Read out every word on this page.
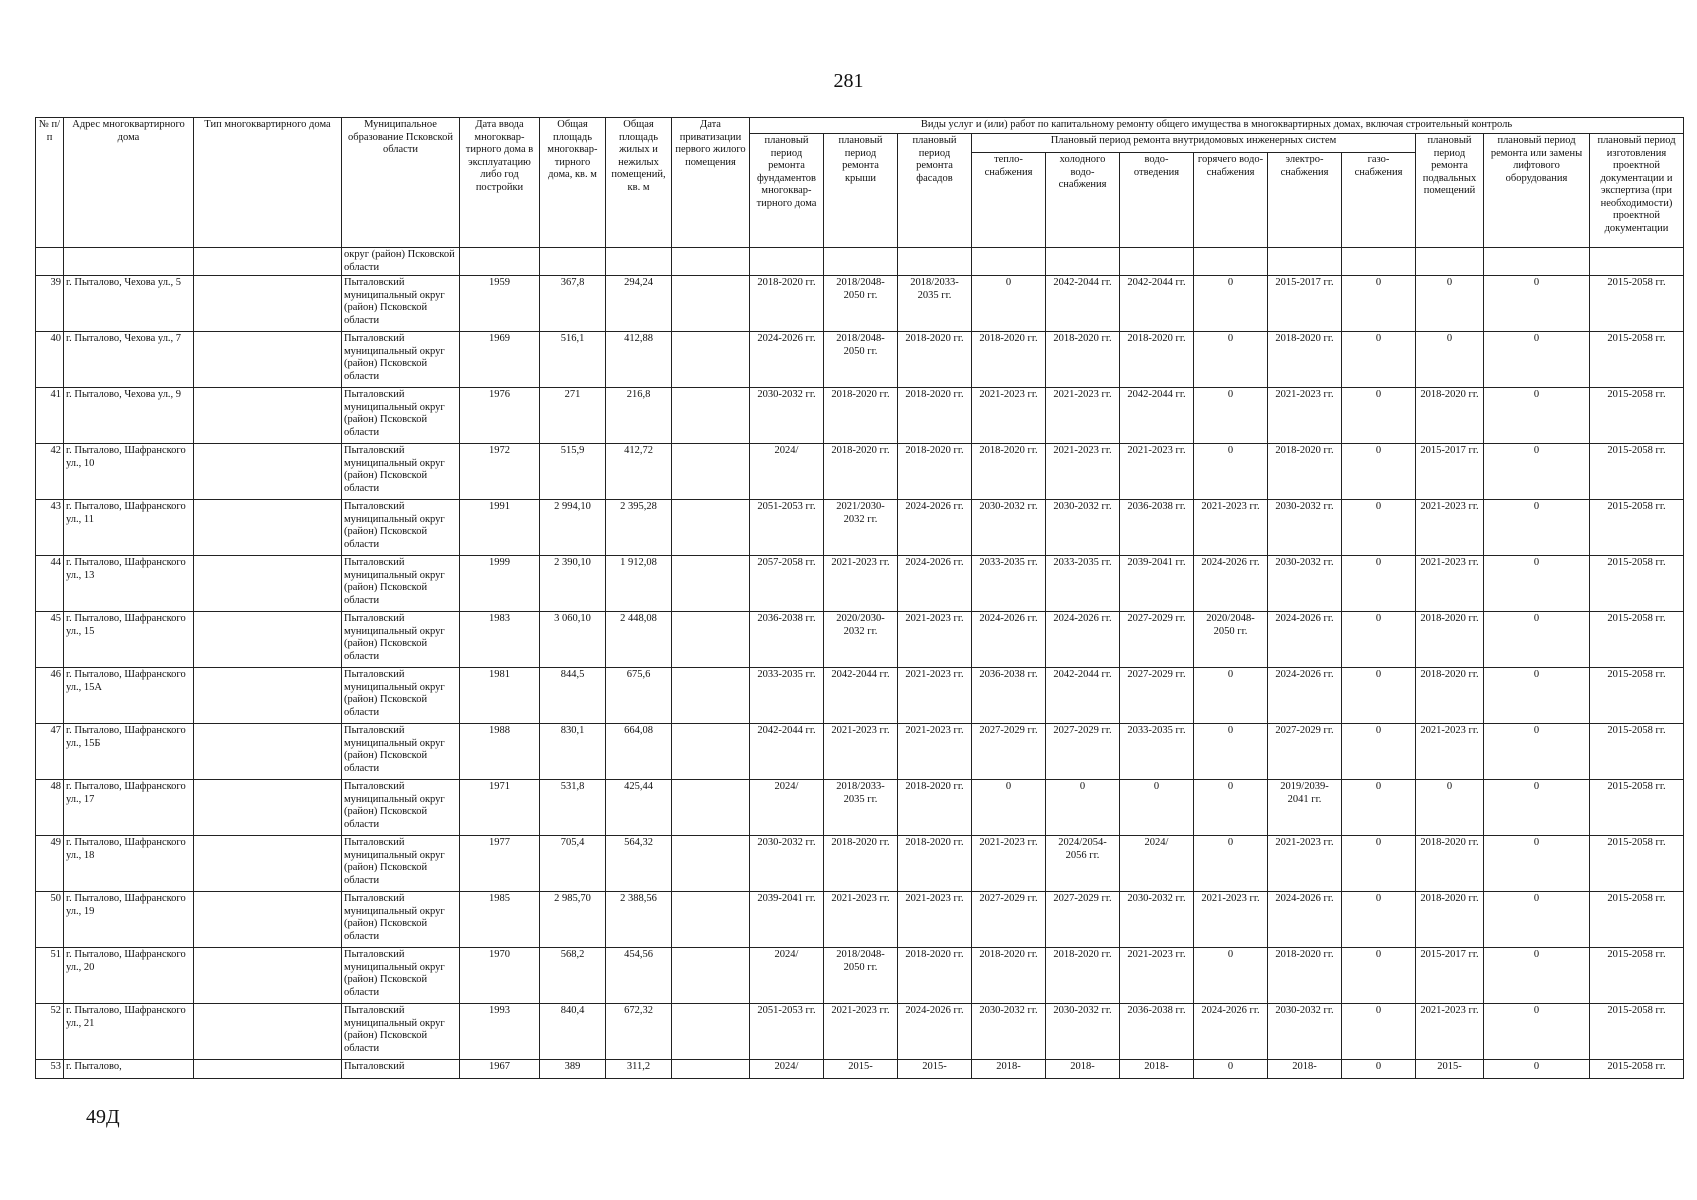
281
№ п/п	Адрес многоквартирного дома	Тип многоквартирного дома	Муниципальное образование Псковской области	Дата ввода многоквар-тирного дома в эксплуатацию либо год постройки	Общая площадь многоквар-тирного дома, кв. м	Общая площадь жилых и нежилых помещений, кв. м	Дата приватизации первого жилого помещения	Виды услуг и (или) работ по капитальному ремонту общего имущества в многоквартирных домах, включая строительный контроль											
								плановый период ремонта фундаментов многоквар-тирного дома	плановый период ремонта крыши	плановый период ремонта фасадов	Плановый период ремонта внутридомовых инженерных систем						плановый период ремонта подвальных помещений	плановый период ремонта или замены лифтового оборудования	плановый период изготовления проектной документации и экспертиза (при необходимости) проектной документации
											тепло-снабжения	холодного водо-снабжения	водо-отведения	горячего водо-снабжения	электро-снабжения	газо-снабжения			
			округ (район) Псковской области																
39	г. Пыталово, Чехова ул., 5		Пыталовский муниципальный округ (район) Псковской области	1959	367,8	294,24		2018-2020 гг.	2018/2048-2050 гг.	2018/2033-2035 гг.	0	2042-2044 гг.	2042-2044 гг.	0	2015-2017 гг.	0	0	0	2015-2058 гг.
40	г. Пыталово, Чехова ул., 7		Пыталовский муниципальный округ (район) Псковской области	1969	516,1	412,88		2024-2026 гг.	2018/2048-2050 гг.	2018-2020 гг.	2018-2020 гг.	2018-2020 гг.	2018-2020 гг.	0	2018-2020 гг.	0	0	0	2015-2058 гг.
41	г. Пыталово, Чехова ул., 9		Пыталовский муниципальный округ (район) Псковской области	1976	271	216,8		2030-2032 гг.	2018-2020 гг.	2018-2020 гг.	2021-2023 гг.	2021-2023 гг.	2042-2044 гг.	0	2021-2023 гг.	0	2018-2020 гг.	0	2015-2058 гг.
42	г. Пыталово, Шафранского ул., 10		Пыталовский муниципальный округ (район) Псковской области	1972	515,9	412,72		2024/	2018-2020 гг.	2018-2020 гг.	2018-2020 гг.	2021-2023 гг.	2021-2023 гг.	0	2018-2020 гг.	0	2015-2017 гг.	0	2015-2058 гг.
43	г. Пыталово, Шафранского ул., 11		Пыталовский муниципальный округ (район) Псковской области	1991	2 994,10	2 395,28		2051-2053 гг.	2021/2030-2032 гг.	2024-2026 гг.	2030-2032 гг.	2030-2032 гг.	2036-2038 гг.	2021-2023 гг.	2030-2032 гг.	0	2021-2023 гг.	0	2015-2058 гг.
44	г. Пыталово, Шафранского ул., 13		Пыталовский муниципальный округ (район) Псковской области	1999	2 390,10	1 912,08		2057-2058 гг.	2021-2023 гг.	2024-2026 гг.	2033-2035 гг.	2033-2035 гг.	2039-2041 гг.	2024-2026 гг.	2030-2032 гг.	0	2021-2023 гг.	0	2015-2058 гг.
45	г. Пыталово, Шафранского ул., 15		Пыталовский муниципальный округ (район) Псковской области	1983	3 060,10	2 448,08		2036-2038 гг.	2020/2030-2032 гг.	2021-2023 гг.	2024-2026 гг.	2024-2026 гг.	2027-2029 гг.	2020/2048-2050 гг.	2024-2026 гг.	0	2018-2020 гг.	0	2015-2058 гг.
46	г. Пыталово, Шафранского ул., 15А		Пыталовский муниципальный округ (район) Псковской области	1981	844,5	675,6		2033-2035 гг.	2042-2044 гг.	2021-2023 гг.	2036-2038 гг.	2042-2044 гг.	2027-2029 гг.	0	2024-2026 гг.	0	2018-2020 гг.	0	2015-2058 гг.
47	г. Пыталово, Шафранского ул., 15Б		Пыталовский муниципальный округ (район) Псковской области	1988	830,1	664,08		2042-2044 гг.	2021-2023 гг.	2021-2023 гг.	2027-2029 гг.	2027-2029 гг.	2033-2035 гг.	0	2027-2029 гг.	0	2021-2023 гг.	0	2015-2058 гг.
48	г. Пыталово, Шафранского ул., 17		Пыталовский муниципальный округ (район) Псковской области	1971	531,8	425,44		2024/	2018/2033-2035 гг.	2018-2020 гг.	0	0	0	0	2019/2039-2041 гг.	0	0	0	2015-2058 гг.
49	г. Пыталово, Шафранского ул., 18		Пыталовский муниципальный округ (район) Псковской области	1977	705,4	564,32		2030-2032 гг.	2018-2020 гг.	2018-2020 гг.	2021-2023 гг.	2024/2054-2056 гг.	2024/	0	2021-2023 гг.	0	2018-2020 гг.	0	2015-2058 гг.
50	г. Пыталово, Шафранского ул., 19		Пыталовский муниципальный округ (район) Псковской области	1985	2 985,70	2 388,56		2039-2041 гг.	2021-2023 гг.	2021-2023 гг.	2027-2029 гг.	2027-2029 гг.	2030-2032 гг.	2021-2023 гг.	2024-2026 гг.	0	2018-2020 гг.	0	2015-2058 гг.
51	г. Пыталово, Шафранского ул., 20		Пыталовский муниципальный округ (район) Псковской области	1970	568,2	454,56		2024/	2018/2048-2050 гг.	2018-2020 гг.	2018-2020 гг.	2018-2020 гг.	2021-2023 гг.	0	2018-2020 гг.	0	2015-2017 гг.	0	2015-2058 гг.
52	г. Пыталово, Шафранского ул., 21		Пыталовский муниципальный округ (район) Псковской области	1993	840,4	672,32		2051-2053 гг.	2021-2023 гг.	2024-2026 гг.	2030-2032 гг.	2030-2032 гг.	2036-2038 гг.	2024-2026 гг.	2030-2032 гг.	0	2021-2023 гг.	0	2015-2058 гг.
53	г. Пыталово,		Пыталовский	1967	389	311,2		2024/	2015-	2015-	2018-	2018-	2018-	0	2018-	0	2015-	0	2015-2058 гг.
49Д
